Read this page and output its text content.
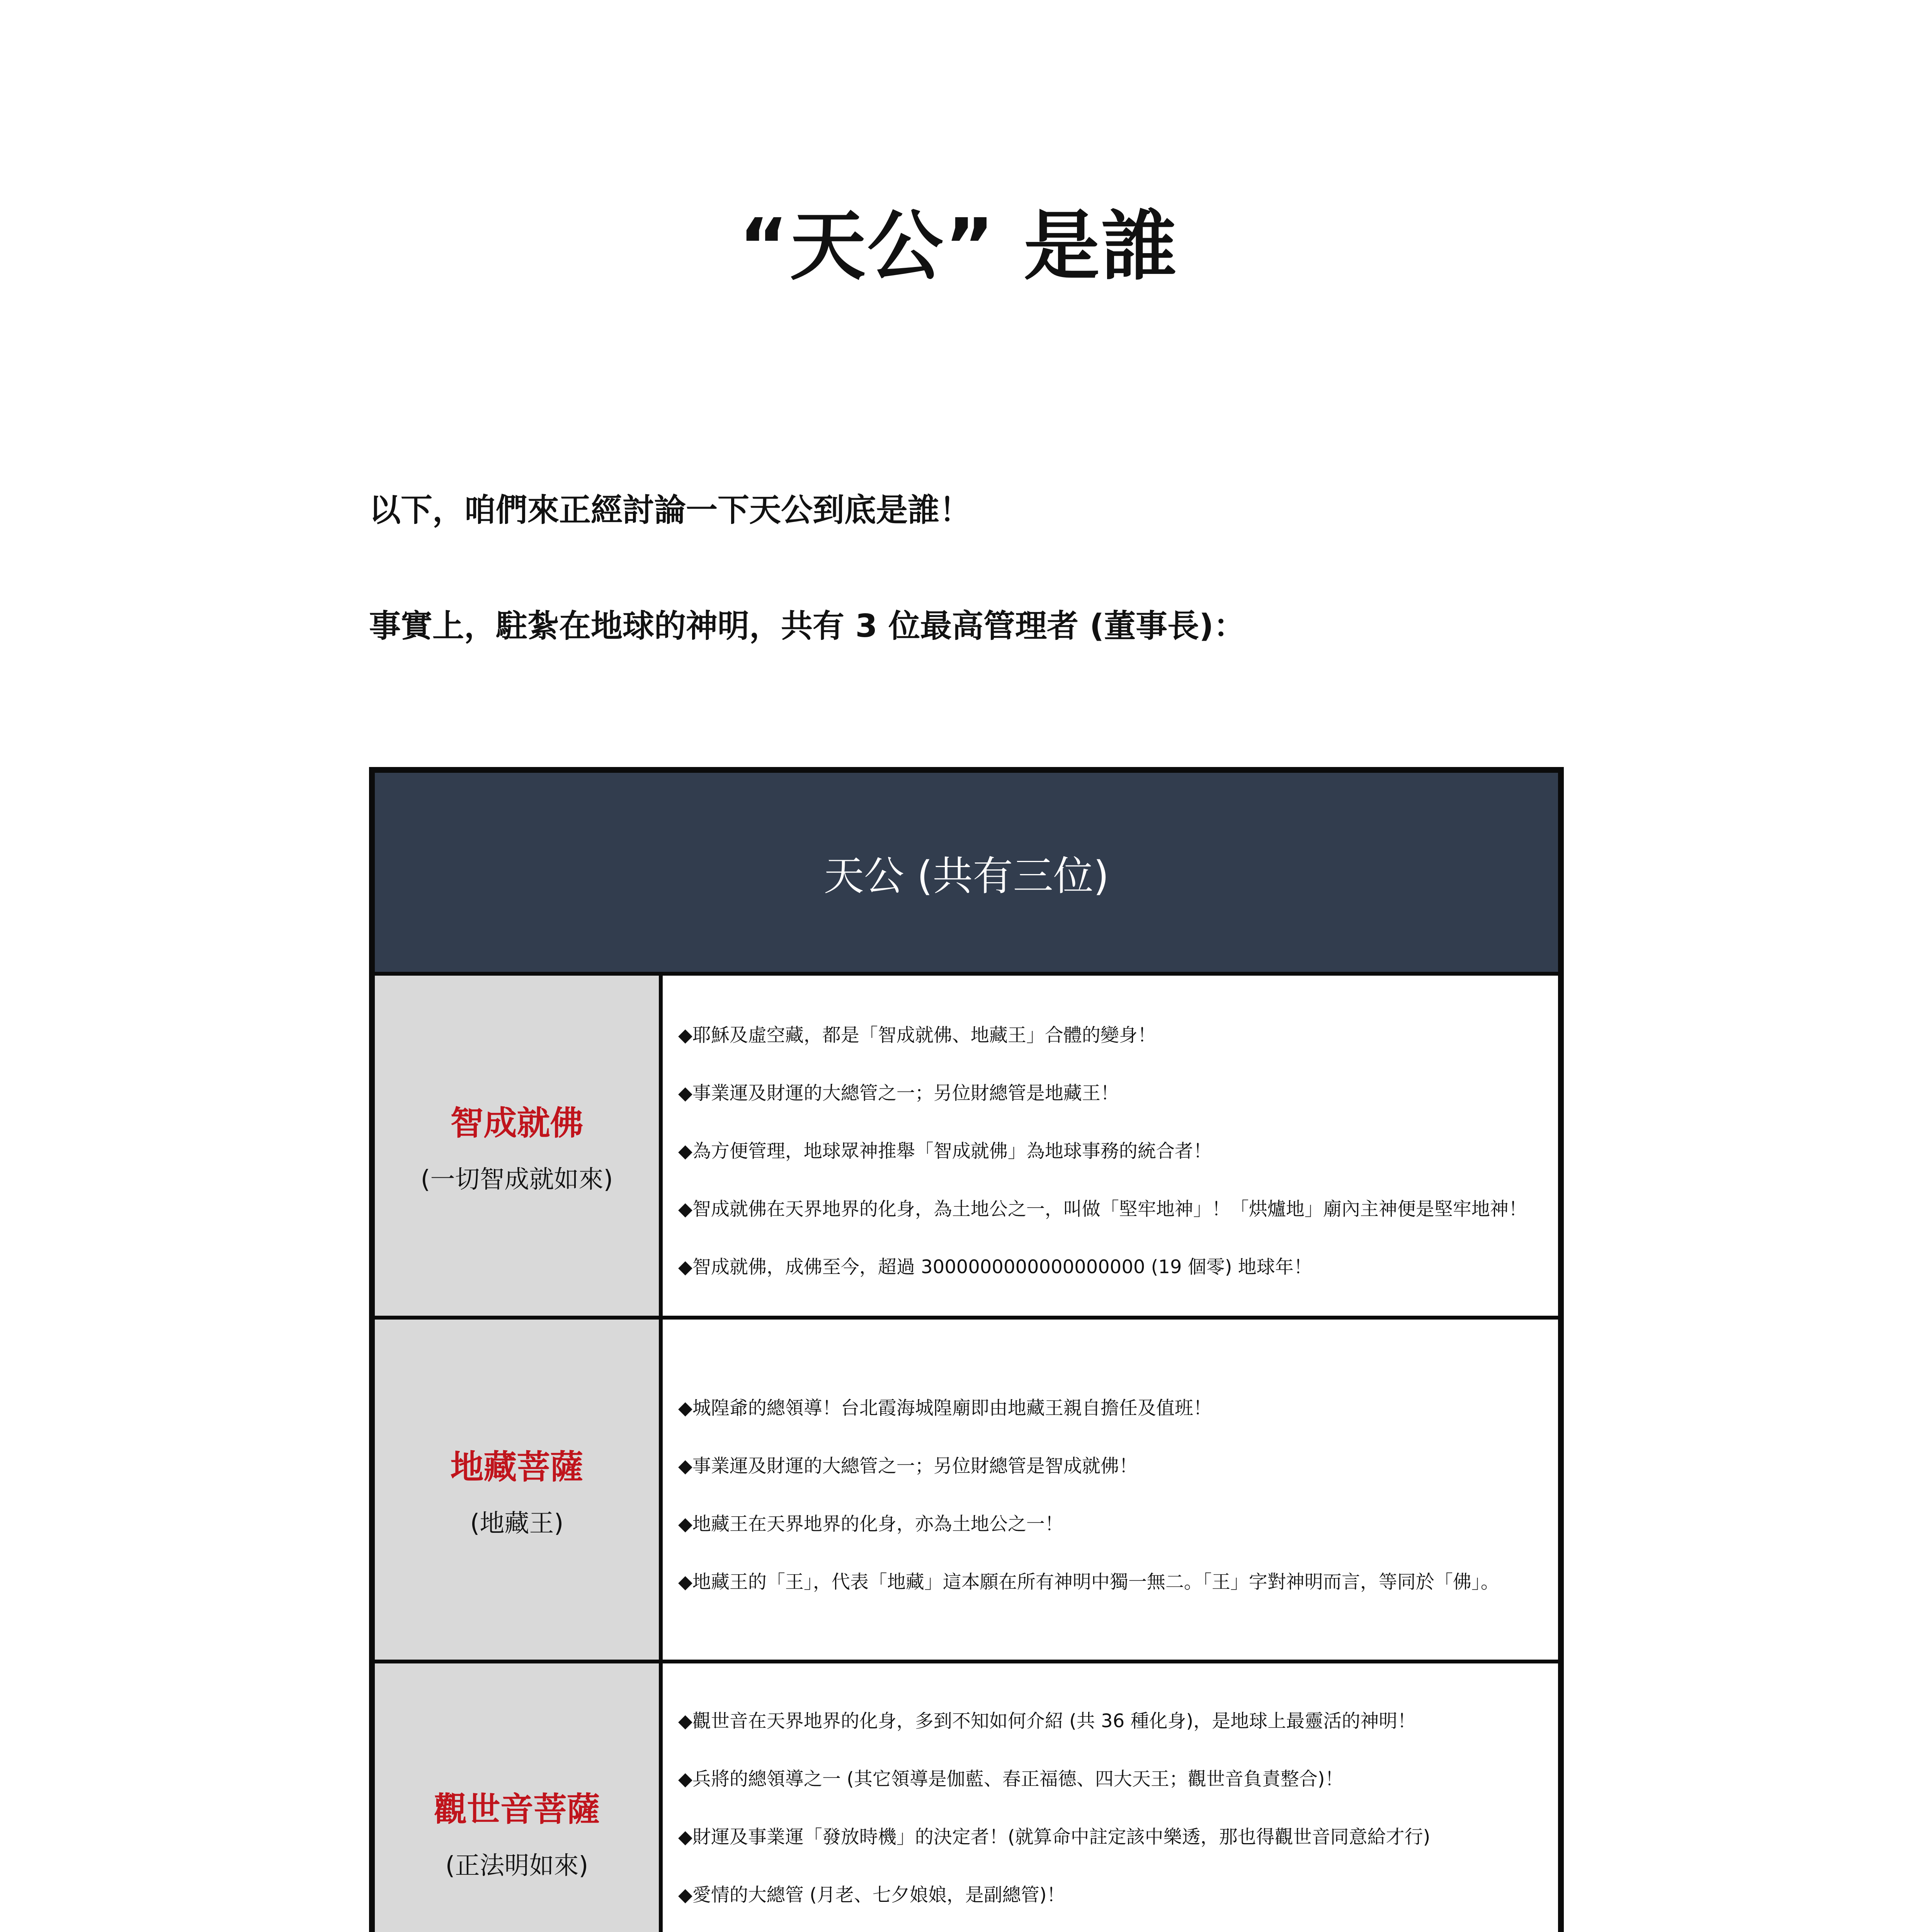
“天公” 是誰
以下，咱們來正經討論一下天公到底是誰！
事實上，駐紮在地球的神明，共有 3 位最高管理者 (董事長)：
天公 (共有三位)
智成就佛
(一切智成就如來)
◆耶穌及虛空藏，都是「智成就佛、地藏王」合體的變身！
◆事業運及財運的大總管之一；另位財總管是地藏王！
◆為方便管理，地球眾神推舉「智成就佛」為地球事務的統合者！
◆智成就佛在天界地界的化身，為土地公之一，叫做「堅牢地神」！「烘爐地」廟內主神便是堅牢地神！
◆智成就佛，成佛至今，超過 3000000000000000000 (19 個零) 地球年！
地藏菩薩
(地藏王)
◆城隍爺的總領導！台北霞海城隍廟即由地藏王親自擔任及值班！
◆事業運及財運的大總管之一；另位財總管是智成就佛！
◆地藏王在天界地界的化身，亦為土地公之一！
◆地藏王的「王」，代表「地藏」這本願在所有神明中獨一無二。「王」字對神明而言，等同於「佛」。
觀世音菩薩
(正法明如來)
◆觀世音在天界地界的化身，多到不知如何介紹 (共 36 種化身)，是地球上最靈活的神明！
◆兵將的總領導之一 (其它領導是伽藍、春正福德、四大天王；觀世音負責整合)！
◆財運及事業運「發放時機」的決定者！(就算命中註定該中樂透，那也得觀世音同意給才行)
◆愛情的大總管 (月老、七夕娘娘，是副總管)！
